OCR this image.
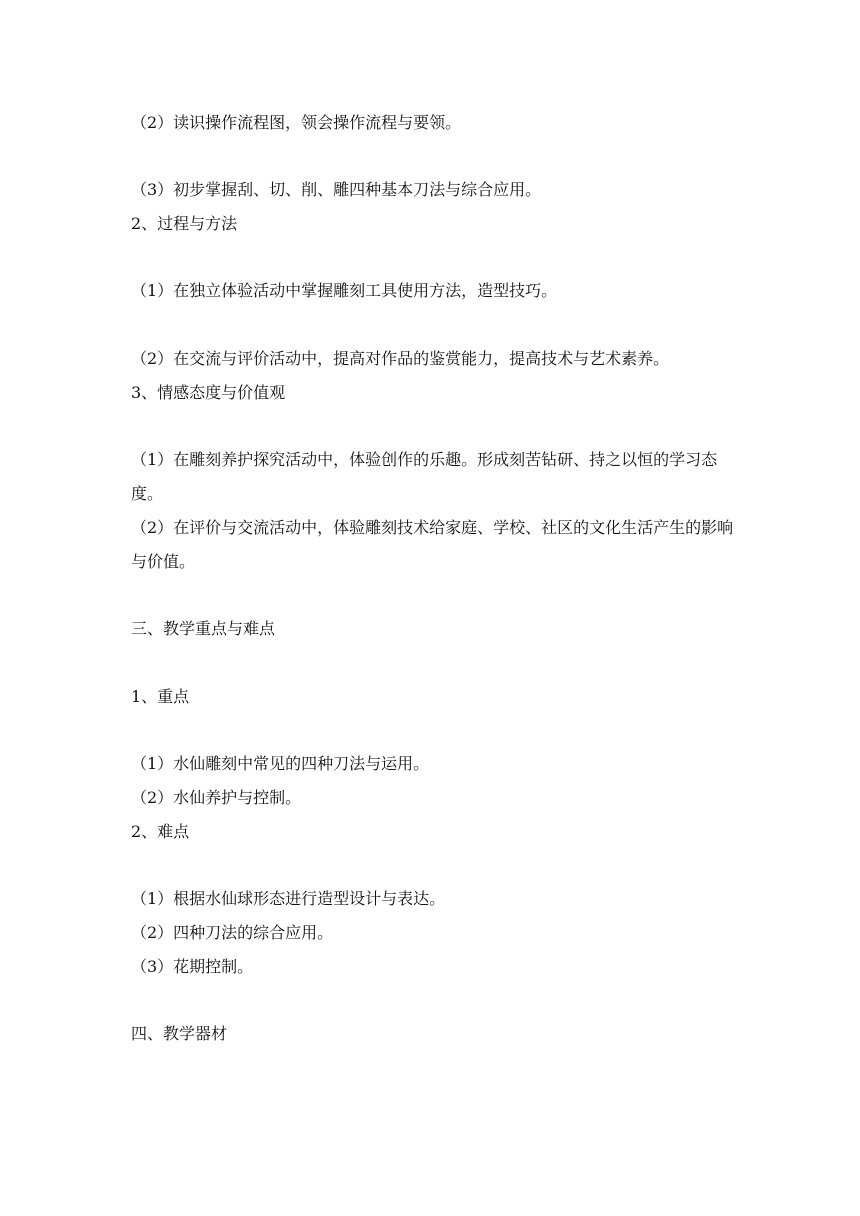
（2）读识操作流程图，领会操作流程与要领。
（3）初步掌握刮、切、削、雕四种基本刀法与综合应用。
2、过程与方法
（1）在独立体验活动中掌握雕刻工具使用方法，造型技巧。
（2）在交流与评价活动中，提高对作品的鉴赏能力，提高技术与艺术素养。
3、情感态度与价值观
（1）在雕刻养护探究活动中，体验创作的乐趣。形成刻苦钻研、持之以恒的学习态度。
（2）在评价与交流活动中，体验雕刻技术给家庭、学校、社区的文化生活产生的影响与价值。
三、教学重点与难点
1、重点
（1）水仙雕刻中常见的四种刀法与运用。
（2）水仙养护与控制。
2、难点
（1）根据水仙球形态进行造型设计与表达。
（2）四种刀法的综合应用。
（3）花期控制。
四、教学器材
